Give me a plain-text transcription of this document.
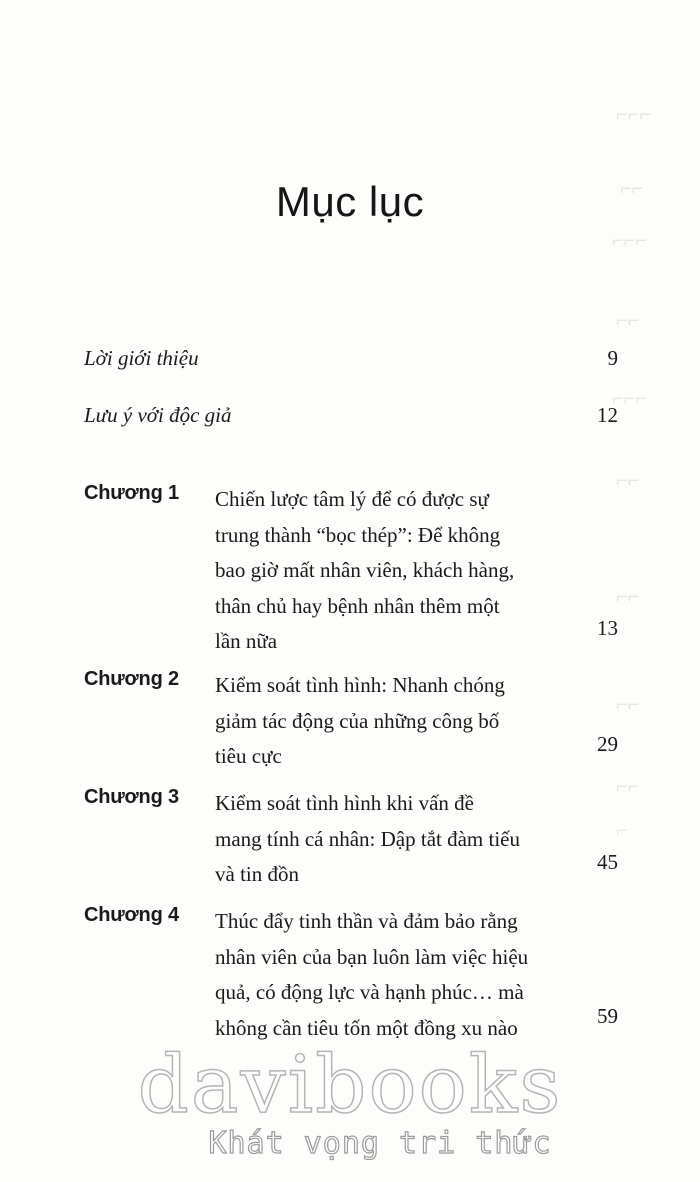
⌐⌐⌐
⌐⌐
⌐⌐⌐
⌐⌐
⌐⌐⌐
⌐⌐
⌐⌐
⌐⌐
⌐⌐
⌐
Mục lục
Lời giới thiệu	9
Lưu ý với độc giả	12
Chương 1 Chiến lược tâm lý để có được sự
trung thành “bọc thép”: Để không
bao giờ mất nhân viên, khách hàng,
thân chủ hay bệnh nhân thêm một
lần nữa
13
Chương 2 Kiểm soát tình hình: Nhanh chóng
giảm tác động của những công bố
tiêu cực	29
Chương 3 Kiểm soát tình hình khi vấn đề
mang tính cá nhân: Dập tắt đàm tiếu
và tin đồn	45
Chương 4 Thúc đẩy tinh thần và đảm bảo rằng
nhân viên của bạn luôn làm việc hiệu
quả, có động lực và hạnh phúc… mà
không cần tiêu tốn một đồng xu nào	59
davibooks
Khát vọng tri thức
